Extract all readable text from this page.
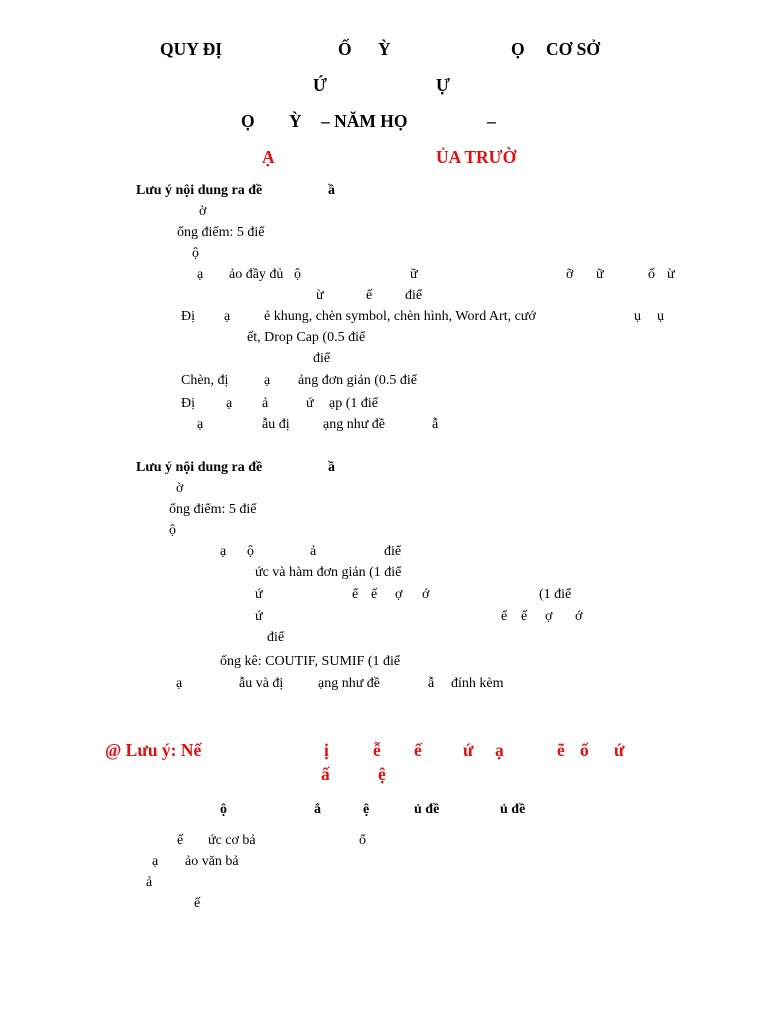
QUY ĐỊ	Ố Ỳ	Ọ CƠ SỞ
Ứ	Ự
Ọ Ỳ – NĂM HỌ	–
Ạ	ỦA TRƯỜ
Lưu ý nội dung ra đề	ầ
ờ
ổng điểm: 5 điể
ộ
ạ ảo đầy đủ ộ	ữ	ỡ ữ	ố ừ
ừ	ế điể
Đị ạ ẻ khung, chèn symbol, chèn hình, Word Art, cướ	ụ ụ
ết, Drop Cap (0.5 điể
điể
Chèn, đị	ạ ảng đơn giản (0.5 điể
Đị ạ ả	ứ ạp (1 điể
ạ	ẫu đị ạng như đề	ẫ
Lưu ý nội dung ra đề	ầ
ờ
ổng điểm: 5 điể
ộ
ạ ộ	ả	điể
ức và hàm đơn giản (1 điể
ứ	ể ế ợ ớ	(1 điể
ứ	ể ế ợ ớ
điể
ống kê: COUTIF, SUMIF (1 điể
ạ	ẫu và đị ạng như đề	ẫ đính kèm
@ Lưu ý: Nế	ị	ễ ế ứ ạ	ẽ ổ ứ
ấ	ệ
ộ	ắ	ệ	ủ đề	ủ đề
ế ức cơ bả	ổ
ạ ảo văn bả
ả
ế
